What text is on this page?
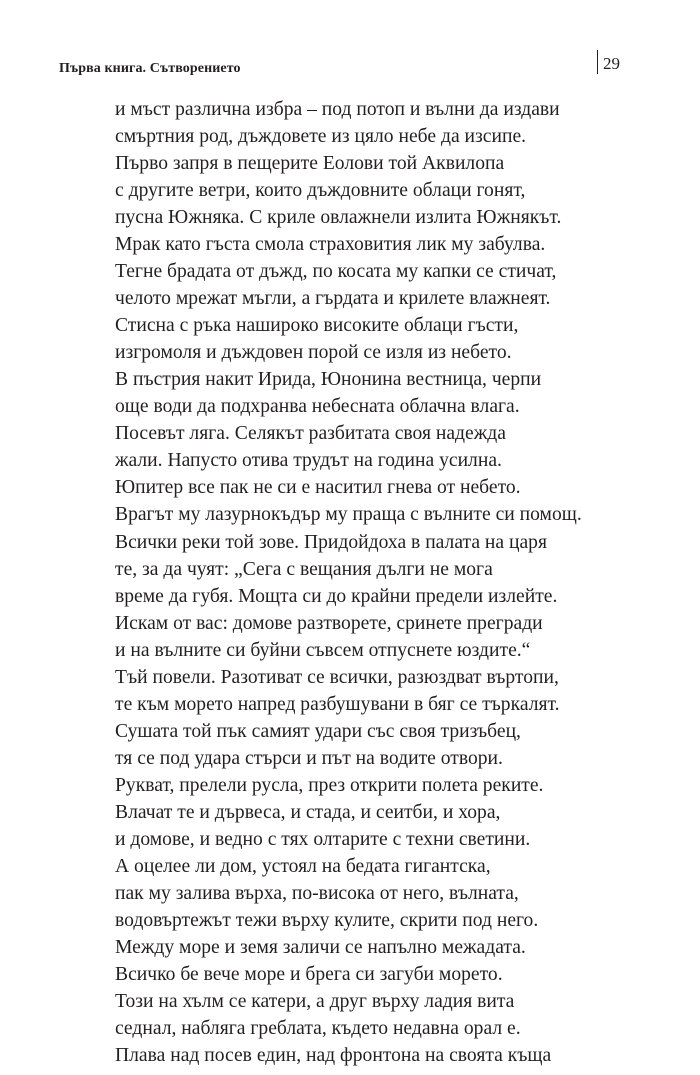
Първа книга. Сътворението	29
и мъст различна избра – под потоп и вълни да издави
смъртния род, дъждовете из цяло небе да изсипе.
Първо запря в пещерите Еолови той Аквилопа
с другите ветри, които дъждовните облаци гонят,
пусна Южняка. С криле овлажнели излита Южнякът.
Мрак като гъста смола страховития лик му забулва.
Тегне брадата от дъжд, по косата му капки се стичат,
челото мрежат мъгли, а гърдата и крилете влажнеят.
Стисна с ръка нашироко високите облаци гъсти,
изгромоля и дъждовен порой се изля из небето.
В пъстрия накит Ирида, Юнонина вестница, черпи
още води да подхранва небесната облачна влага.
Посевът ляга. Селякът разбитата своя надежда
жали. Напусто отива трудът на година усилна.
Юпитер все пак не си е наситил гнева от небето.
Врагът му лазурнокъдър му праща с вълните си помощ.
Всички реки той зове. Придойдоха в палата на царя
те, за да чуят: „Сега с вещания дълги не мога
време да губя. Мощта си до крайни предели излейте.
Искам от вас: домове разтворете, сринете прегради
и на вълните си буйни съвсем отпуснете юздите.“
Тъй повели. Разотиват се всички, разюздват въртопи,
те към морето напред разбушувани в бяг се търкалят.
Сушата той пък самият удари със своя тризъбец,
тя се под удара стърси и път на водите отвори.
Рукват, прелели русла, през открити полета реките.
Влачат те и дървеса, и стада, и сеитби, и хора,
и домове, и ведно с тях олтарите с техни светини.
А оцелее ли дом, устоял на бедата гигантска,
пак му залива върха, по-висока от него, вълната,
водовъртежът тежи върху кулите, скрити под него.
Между море и земя заличи се напълно межадата.
Всичко бе вече море и брега си загуби морето.
Този на хълм се катери, а друг върху ладия вита
седнал, набляга греблата, където недавна орал е.
Плава над посев един, над фронтона на своята къща
